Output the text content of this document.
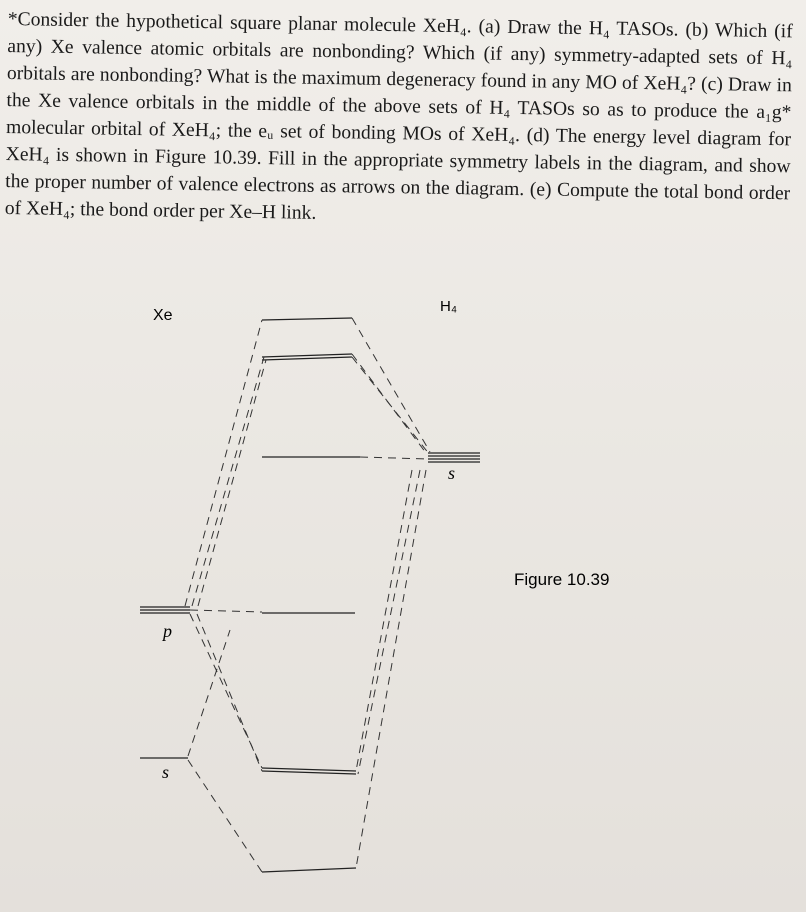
*Consider the hypothetical square planar molecule XeH₄. (a) Draw the H₄ TASOs. (b) Which (if any) Xe valence atomic orbitals are nonbonding? Which (if any) symmetry-adapted sets of H₄ orbitals are nonbonding? What is the maximum degeneracy found in any MO of XeH₄? (c) Draw in the Xe valence orbitals in the middle of the above sets of H₄ TASOs so as to produce the a₁g* molecular orbital of XeH₄; the eᵤ set of bonding MOs of XeH₄. (d) The energy level diagram for XeH₄ is shown in Figure 10.39. Fill in the appropriate symmetry labels in the diagram, and show the proper number of valence electrons as arrows on the diagram. (e) Compute the total bond order of XeH₄; the bond order per Xe–H link.

Xe
H₄
p
s
s
Figure 10.39
